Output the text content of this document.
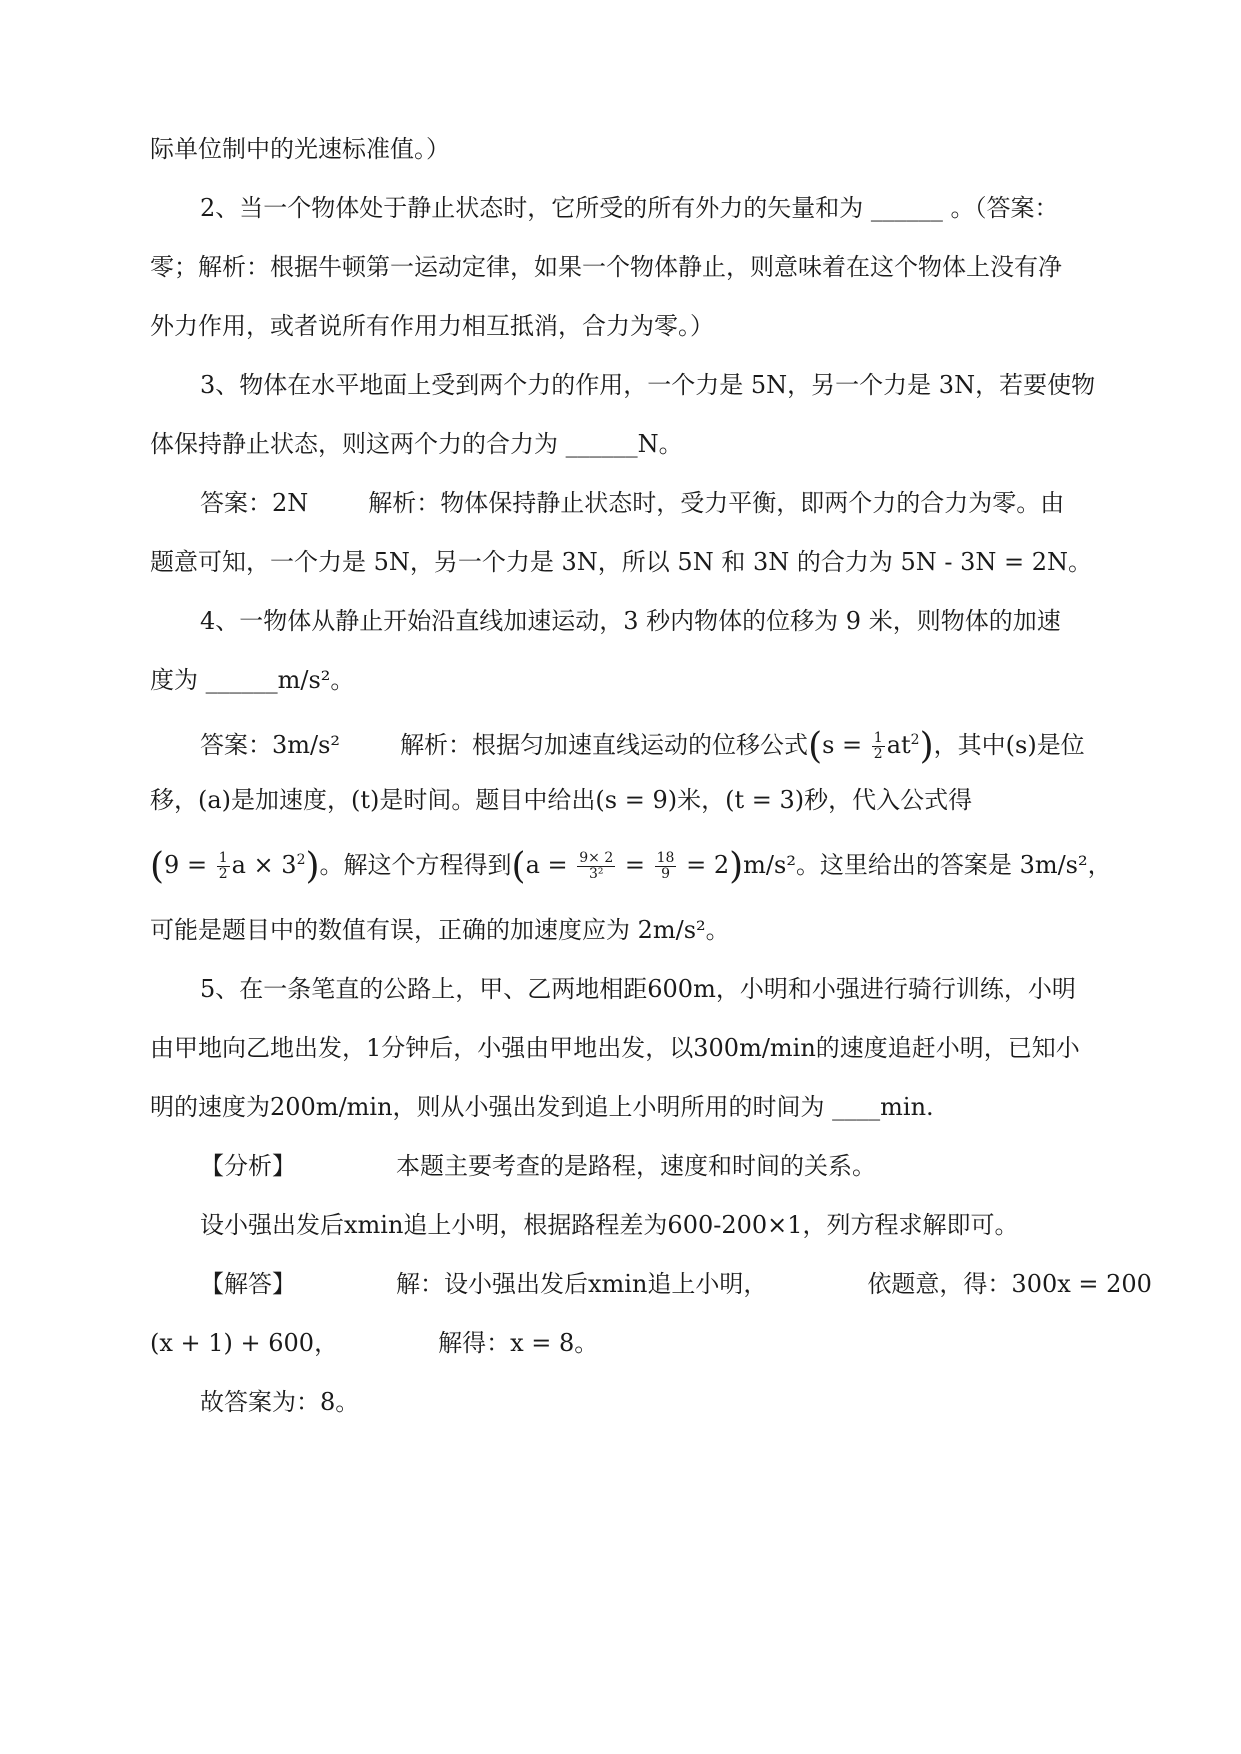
际单位制中的光速标准值。）
2、当一个物体处于静止状态时，它所受的所有外力的矢量和为 ______ 。（答案：
零；解析：根据牛顿第一运动定律，如果一个物体静止，则意味着在这个物体上没有净
外力作用，或者说所有作用力相互抵消，合力为零。）
3、物体在水平地面上受到两个力的作用，一个力是 5N，另一个力是 3N，若要使物
体保持静止状态，则这两个力的合力为 ______N。
答案：2N	解析：物体保持静止状态时，受力平衡，即两个力的合力为零。由
题意可知，一个力是 5N，另一个力是 3N，所以 5N 和 3N 的合力为 5N - 3N = 2N。
4、一物体从静止开始沿直线加速运动，3 秒内物体的位移为 9 米，则物体的加速
度为 ______m/s²。
答案：3m/s²	解析：根据匀加速直线运动的位移公式$(s = \frac{1}{2} at^2)$，其中(s)是位
移，(a)是加速度，(t)是时间。题目中给出(s = 9)米，(t = 3)秒，代入公式得
($9 = \frac{1}{2}$ $a \times 3^2$)。解这个方程得到$(a = \frac{9\times 2}{\text{3²}} = \frac{18}{9} = 2)m/s^2$。这里给出的答案是 3m/s²，
可能是题目中的数值有误，正确的加速度应为 2m/s²。
5、在一条笔直的公路上，甲、乙两地相距600m，小明和小强进行骑行训练，小明
由甲地向乙地出发，1分钟后，小强由甲地出发，以300m/min的速度追赶小明，已知小
明的速度为200m/min，则从小强出发到追上小明所用的时间为 ____min.
【分析】	本题主要考查的是路程，速度和时间的关系。
设小强出发后xmin追上小明，根据路程差为600-200×1，列方程求解即可。
【解答】	解：设小强出发后xmin追上小明，	依题意，得：300x = 200
(x + 1) + 600，	解得：x = 8。
故答案为：8。
